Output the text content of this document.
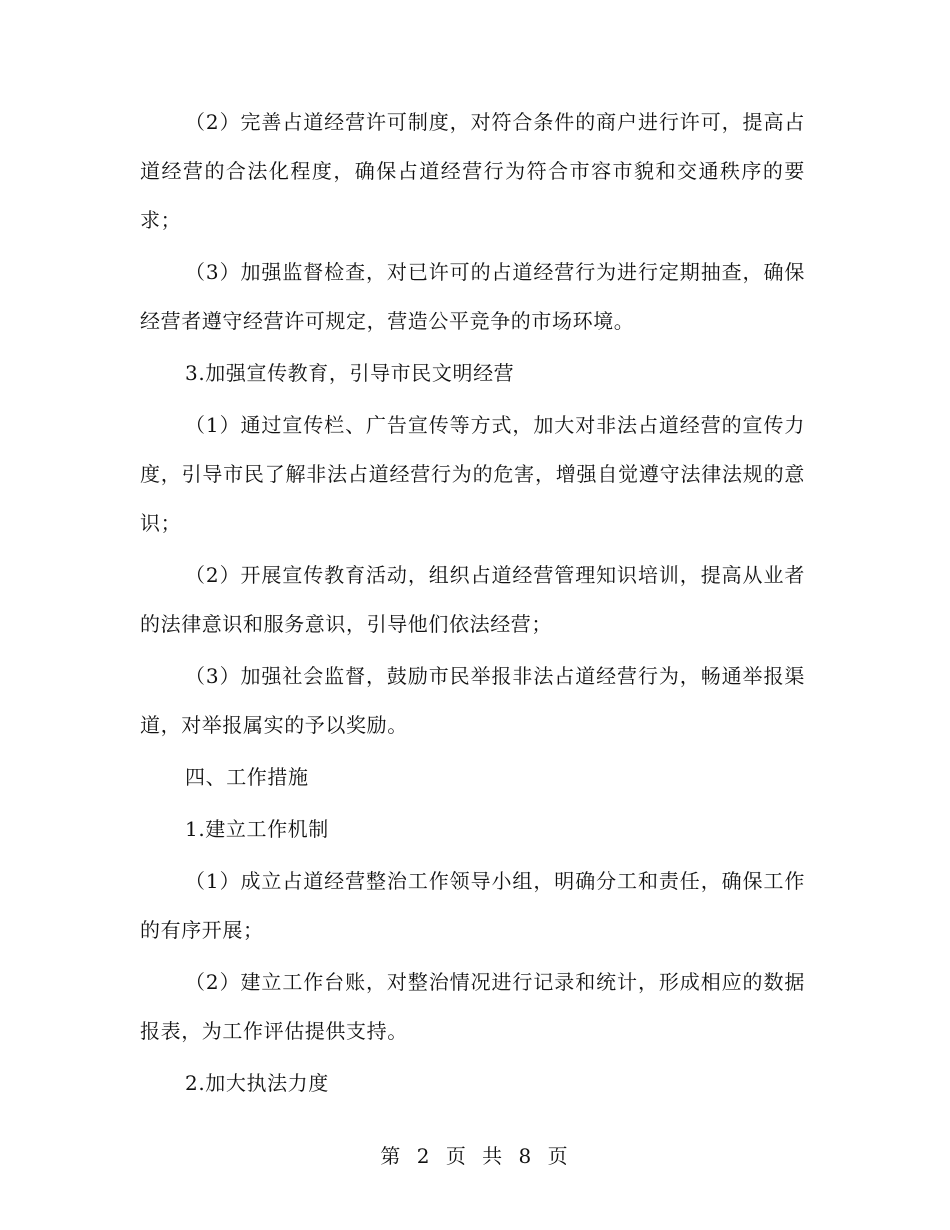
（2）完善占道经营许可制度，对符合条件的商户进行许可，提高占道经营的合法化程度，确保占道经营行为符合市容市貌和交通秩序的要求；

（3）加强监督检查，对已许可的占道经营行为进行定期抽查，确保经营者遵守经营许可规定，营造公平竞争的市场环境。

3.加强宣传教育，引导市民文明经营

（1）通过宣传栏、广告宣传等方式，加大对非法占道经营的宣传力度，引导市民了解非法占道经营行为的危害，增强自觉遵守法律法规的意识；

（2）开展宣传教育活动，组织占道经营管理知识培训，提高从业者的法律意识和服务意识，引导他们依法经营；

（3）加强社会监督，鼓励市民举报非法占道经营行为，畅通举报渠道，对举报属实的予以奖励。

四、工作措施

1.建立工作机制

（1）成立占道经营整治工作领导小组，明确分工和责任，确保工作的有序开展；

（2）建立工作台账，对整治情况进行记录和统计，形成相应的数据报表，为工作评估提供支持。

2.加大执法力度

第 2 页 共 8 页
